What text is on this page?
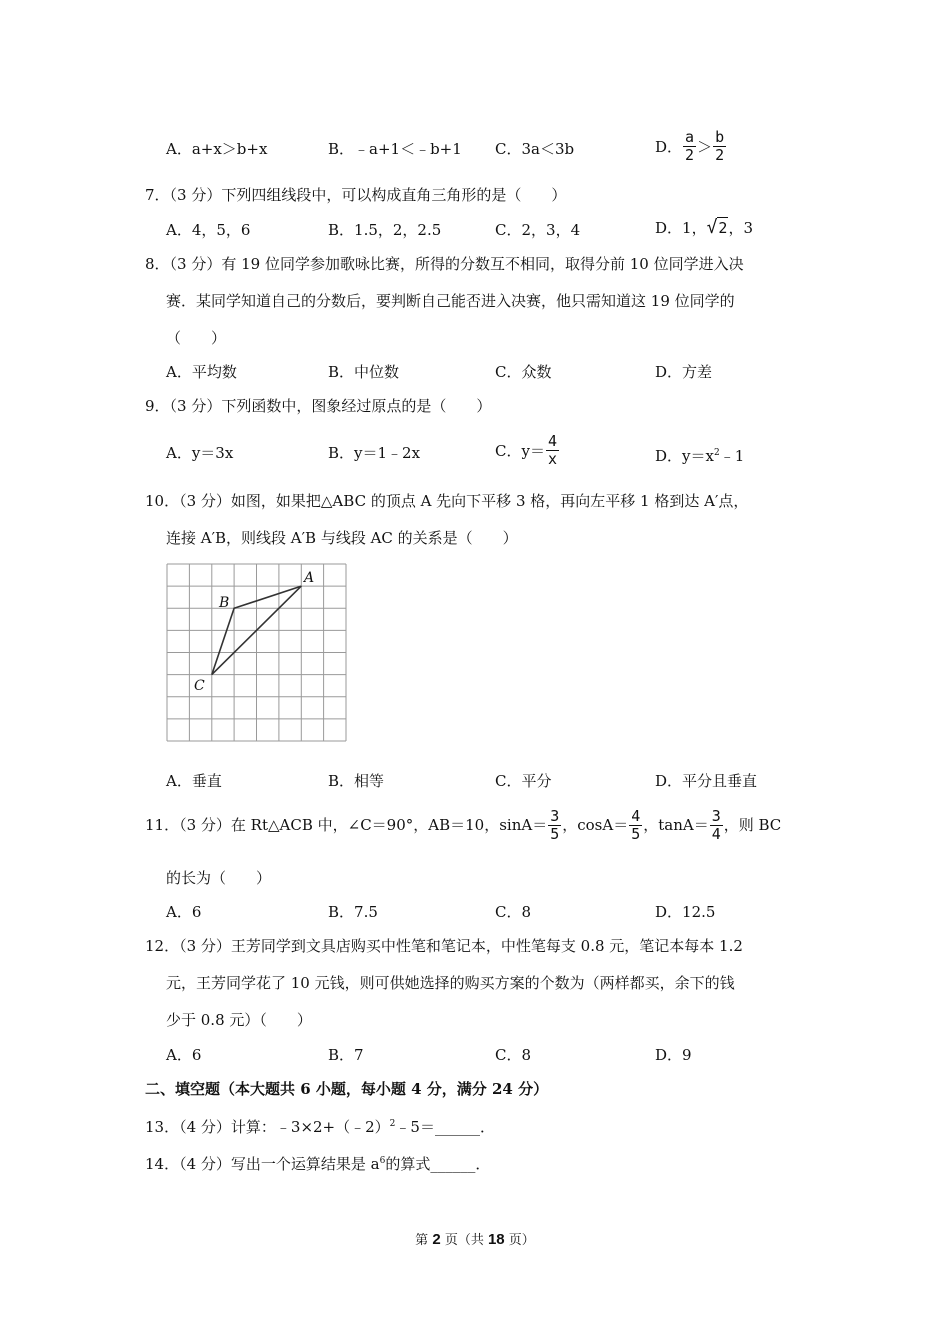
A．a+x＞b+x	B．﹣a+1＜﹣b+1 C．3a＜3b	D． $\frac{a}{2} > \frac{b}{2}$
7．（3 分）下列四组线段中，可以构成直角三角形的是（　　）
A．4，5，6	B．1.5，2，2.5	C．2，3，4	D．1， √ 2 ，3
8．（3 分）有 19 位同学参加歌咏比赛，所得的分数互不相同，取得分前 10 位同学进入决
赛．某同学知道自己的分数后，要判断自己能否进入决赛，他只需知道这 19 位同学的
（　　）
A．平均数	B．中位数	C．众数	D．方差
9．（3 分）下列函数中，图象经过原点的是（　　）
A．y＝3x	B．y＝1﹣2x	C．$y= \frac{4}{x}$	D．$y=x^2﹣1$
10．（3 分）如图，如果把△ABC 的顶点 A 先向下平移 3 格，再向左平移 1 格到达 A′点，
连接 A′B，则线段 A′B 与线段 AC 的关系是（　　）
A
B
C
A．垂直	B．相等	C．平分	D．平分且垂直
11．（3 分）在 Rt△ACB 中，∠C＝90°，AB＝10，$\sin A= \frac{3}{5}$ ，$\cos A= \frac{4}{5}$ ，$\tan A= \frac{3}{4}$ ，则 BC
的长为（　　）
A．6	B．7.5	C．8	D．12.5
12．（3 分）王芳同学到文具店购买中性笔和笔记本，中性笔每支 0.8 元，笔记本每本 1.2
元，王芳同学花了 10 元钱，则可供她选择的购买方案的个数为（两样都买，余下的钱
少于 0.8 元）（　　）
A．6	B．7	C．8	D．9
二、填空题（本大题共 6 小题，每小题 4 分，满分 24 分）
13．（4 分）计算：﹣3×2+（﹣2）$^2$﹣5＝______．
14．（4 分）写出一个运算结果是 $a^6$的算式______．
第 2 页（共 18 页）
